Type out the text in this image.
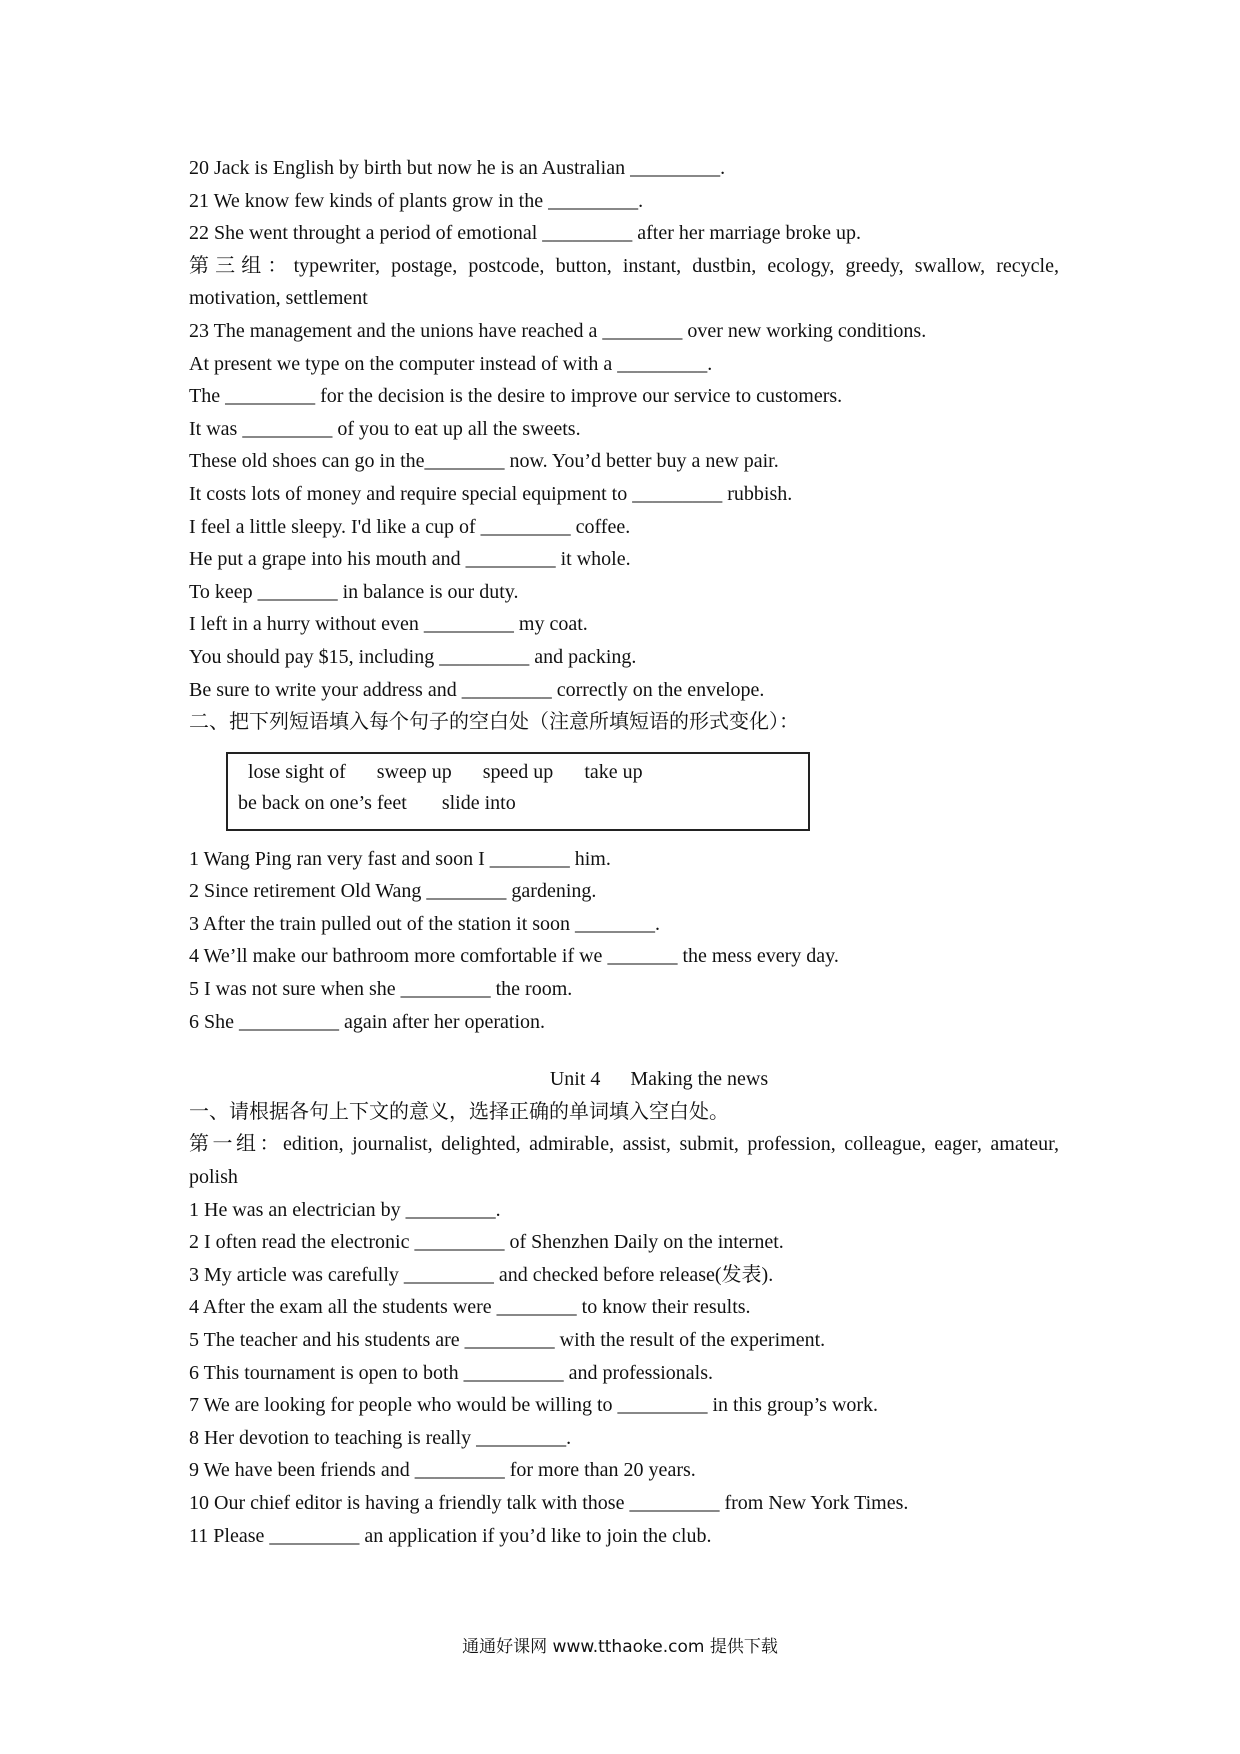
20 Jack is English by birth but now he is an Australian _________.
21 We know few kinds of plants grow in the _________.
22 She went throught a period of emotional _________ after her marriage broke up.
第三组：typewriter, postage, postcode, button, instant, dustbin, ecology, greedy, swallow, recycle, motivation, settlement
23 The management and the unions have reached a ________ over new working conditions.
At present we type on the computer instead of with a _________.
The _________ for the decision is the desire to improve our service to customers.
It was _________ of you to eat up all the sweets.
These old shoes can go in the________ now. You’d better buy a new pair.
It costs lots of money and require special equipment to _________ rubbish.
I feel a little sleepy. I'd like a cup of _________ coffee.
He put a grape into his mouth and _________ it whole.
To keep ________ in balance is our duty.
I left in a hurry without even _________ my coat.
You should pay $15, including _________ and packing.
Be sure to write your address and _________ correctly on the envelope.
二、把下列短语填入每个句子的空白处（注意所填短语的形式变化）：
lose sight of sweep up speed up take up
be back on one’s feet slide into
1 Wang Ping ran very fast and soon I ________ him.
2 Since retirement Old Wang ________ gardening.
3 After the train pulled out of the station it soon ________.
4 We’ll make our bathroom more comfortable if we _______ the mess every day.
5 I was not sure when she _________ the room.
6 She __________ again after her operation.
Unit 4 Making the news
一、请根据各句上下文的意义，选择正确的单词填入空白处。
第一组：edition, journalist, delighted, admirable, assist, submit, profession, colleague, eager, amateur, polish
1 He was an electrician by _________.
2 I often read the electronic _________ of Shenzhen Daily on the internet.
3 My article was carefully _________ and checked before release(发表).
4 After the exam all the students were ________ to know their results.
5 The teacher and his students are _________ with the result of the experiment.
6 This tournament is open to both __________ and professionals.
7 We are looking for people who would be willing to _________ in this group’s work.
8 Her devotion to teaching is really _________.
9 We have been friends and _________ for more than 20 years.
10 Our chief editor is having a friendly talk with those _________ from New York Times.
11 Please _________ an application if you’d like to join the club.
通通好课网 www.tthaoke.com 提供下载
